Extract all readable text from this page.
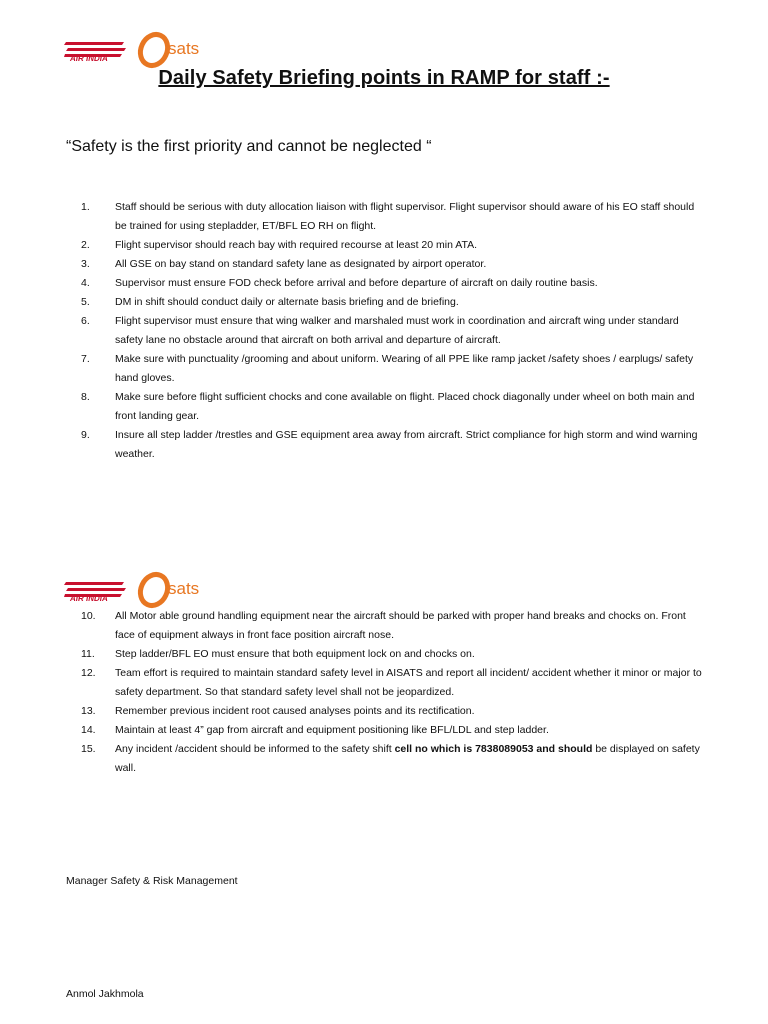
AIR INDIA
sats
Daily Safety Briefing points in RAMP for staff :-
“Safety is the first priority and cannot be neglected “
1. Staff should be serious with duty allocation liaison with flight supervisor. Flight supervisor should aware of his EO staff should be trained for using stepladder, ET/BFL EO RH on flight.
2. Flight supervisor should reach bay with required recourse at least 20 min ATA.
3. All GSE on bay stand on standard safety lane as designated by airport operator.
4. Supervisor must ensure FOD check before arrival and before departure of aircraft on daily routine basis.
5. DM in shift should conduct daily or alternate basis briefing and de briefing.
6. Flight supervisor must ensure that wing walker and marshaled must work in coordination and aircraft wing under standard safety lane no obstacle around that aircraft on both arrival and departure of aircraft.
7. Make sure with punctuality /grooming and about uniform. Wearing of all PPE like ramp jacket /safety shoes / earplugs/ safety hand gloves.
8. Make sure before flight sufficient chocks and cone available on flight. Placed chock diagonally under wheel on both main and front landing gear.
9. Insure all step ladder /trestles and GSE equipment area away from aircraft. Strict compliance for high storm and wind warning weather.
AIR INDIA
sats
10. All Motor able ground handling equipment near the aircraft should be parked with proper hand breaks and chocks on. Front face of equipment always in front face position aircraft nose.
11. Step ladder/BFL EO must ensure that both equipment lock on and chocks on.
12. Team effort is required to maintain standard safety level in AISATS and report all incident/ accident whether it minor or major to safety department. So that standard safety level shall not be jeopardized.
13. Remember previous incident root caused analyses points and its rectification.
14. Maintain at least 4” gap from aircraft and equipment positioning like BFL/LDL and step ladder.
15. Any incident /accident should be informed to the safety shift cell no which is 7838089053 and should be displayed on safety wall.
Manager Safety & Risk Management
Anmol Jakhmola
